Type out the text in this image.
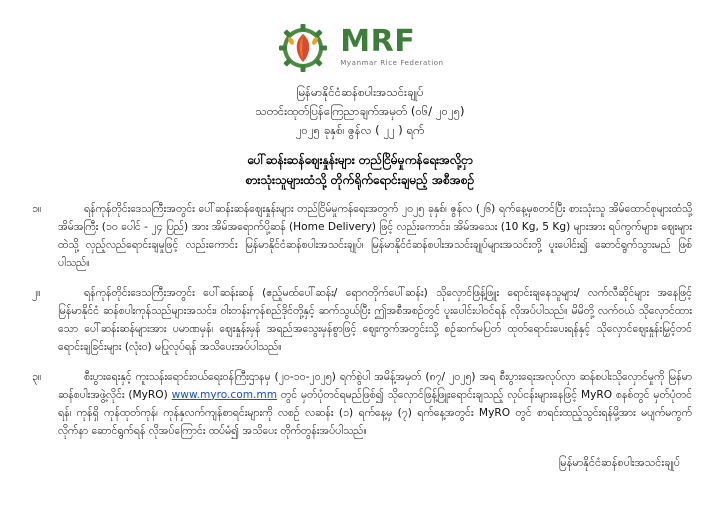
MRF
Myanmar Rice Federation
မြန်မာနိုင်ငံဆန်စပါးအသင်းချုပ်
သတင်းထုတ်ပြန်ကြေညာချက်အမှတ် (၀၆/ ၂၀၂၅)
၂၀၂၅ ခုနှစ်၊ ဇွန်လ ( ၂၂ ) ရက်
ပေါ်ဆန်းဆန်ဈေးနှုန်းများ တည်ငြိမ်မှုကန်ရေးအလို့ငှာ
စားသုံးသူများထံသို့ တိုက်ရိုက်ရောင်းချမည့် အစီအစဉ်
၁။	ရန်ကုန်တိုင်းဒေသကြီးအတွင်း ပေါ်ဆန်းဆန်ဈေးနှုန်းများ တည်ငြိမ်မှုကန်ရေးအတွက် ၂၀၂၅ ခုနှစ်၊ ဇွန်လ (၂၆) ရက်နေ့မှစတင်ပြီး စားသုံးသူ အိမ်ထောင်စုများထံသို့ အိမ်အကြီး (၁၀ ပေါင် - ၂၄ ပြည်) အား အိမ်အရောက်ပို့ဆန် (Home Delivery) ဖြင့် လည်းကောင်း၊ အိမ်အသေး (10 Kg, 5 Kg) များအား ရပ်ကွက်များ၊ ဈေးများထဲသို့ လှည့်လည်ရောင်းချမှုဖြင့် လည်းကောင်း မြန်မာနိုင်ငံဆန်စပါးအသင်းချုပ်၊ မြန်မာနိုင်ငံဆန်စပါးအသင်းချုပ်များအသင်းတို့ ပူးပေါင်း၍ ဆောင်ရွက်သွားမည် ဖြစ်ပါသည်။
၂။	ရန်ကုန်တိုင်းဒေသကြီးအတွင်း ပေါ်ဆန်းဆန် (ဧည့်မထ်ပေါ်ဆန်း/ ရောဂတိုက်ပေါ်ဆန်း) သိုလှောင်ဖြန့်ဖြူး ရောင်းချနေသူများ/ လက်လီဆိုင်များ အနေဖြင့် မြန်မာနိုင်ငံ ဆန်စပါးကုန်သည်များအသင်း၊ ဝါးတန်းကုန်စည်ဒိုင်တို့နှင့် ဆက်သွယ်ပြီး ဤအစီအစဉ်တွင် ပူးပေါင်းပါဝင်ရန် လိုအပ်ပါသည်။ မိမိတို့ လက်ဝယ် သိုလှောင်ထားသော ပေါ်ဆန်းဆန်များအား ပမာဏမှန်၊ ဈေးနှုန်းမှန် အရည်အသွေးမှန်စွာဖြင့် ဈေးကွက်အတွင်းသို့ စဉ်ဆက်မပြတ် ထုတ်ရောင်းပေးရန်နှင့် သိုလှောင်ဈေးနှုန်းမြှင့်တင် ရောင်းချခြင်းများ (လုံး၀) မပြုလုပ်ရန် အသိပေးအပ်ပါသည်။
၃။	စီးပွားရေးနှင့် ကူးသန်းရောင်းဝယ်ရေးဝန်ကြီးဌာနမှ (၂၀-၁၀-၂၀၂၅) ရက်စွဲပါ အမိန့်အမှတ် (၈၇/ ၂၀၂၅) အရ စီးပွားရေးအလုပ်လှာ ဆန်စပါးသိုလှောင်မှုကို မြန်မာ ဆန်စပါးအဖွဲ့လိုင်း (MyRO) www.myro.com.mm တွင် မှတ်ပုံတင်ရမည်ဖြစ်၍ သိုလှောင်ဖြန့်ဖြူးရောင်းချသည့် လုပ်ငန်းများနေဖြင့် MyRO စနစ်တွင် မှတ်ပုံတင်ရန်၊ ကုန်ရှိ ကုန်ထုတ်ကုန်၊ ကုန်နှလက်ကျန်စာရင်းများကို လစဉ် လဆန်း (၁) ရက်နေ့မှ (၇) ရက်နေ့အတွင်း MyRO တွင် စာရင်းထည့်သွင်းရန်မို့အား မပျက်မကွက် လိုက်နာ ဆောင်ရွက်ရန် လိုအပ်ကြောင်း ထပ်မံ၍ အသိပေး တိုက်တွန်းအပ်ပါသည်။
မြန်မာနိုင်ငံဆန်စပါးအသင်းချုပ်
